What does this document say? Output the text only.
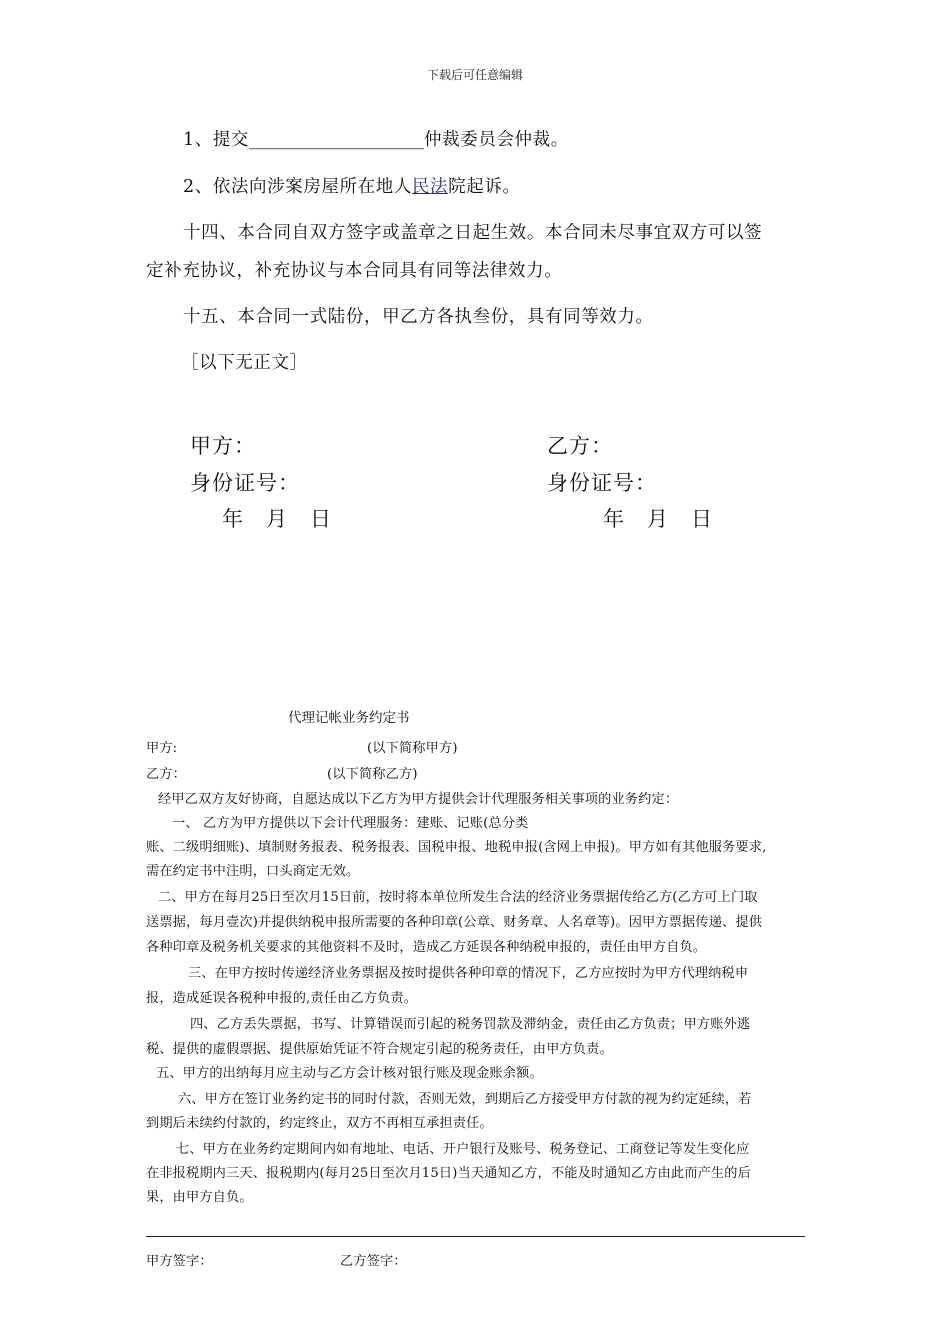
下载后可任意编辑
1、提交____________________仲裁委员会仲裁。
2、依法向涉案房屋所在地人民法院起诉。
十四、本合同自双方签字或盖章之日起生效。本合同未尽事宜双方可以签
定补充协议，补充协议与本合同具有同等法律效力。
十五、本合同一式陆份，甲乙方各执叁份，具有同等效力。
［以下无正文］
甲方：	乙方：
身份证号：	身份证号：
年　月　日	年　月　日
代理记帐业务约定书
甲方:	(以下简称甲方)
乙方：	(以下简称乙方)
经甲乙双方友好协商，自愿达成以下乙方为甲方提供会计代理服务相关事项的业务约定：
一、 乙方为甲方提供以下会计代理服务：建账、记账(总分类
账、二级明细账)、填制财务报表、税务报表、国税申报、地税申报(含网上申报)。甲方如有其他服务要求,
需在约定书中注明，口头商定无效。
二、甲方在每月25日至次月15日前，按时将本单位所发生合法的经济业务票据传给乙方(乙方可上门取
送票据，每月壹次)并提供纳税申报所需要的各种印章(公章、财务章、人名章等)。因甲方票据传递、提供
各种印章及税务机关要求的其他资料不及时，造成乙方延误各种纳税申报的，责任由甲方自负。
三、在甲方按时传递经济业务票据及按时提供各种印章的情况下，乙方应按时为甲方代理纳税申
报，造成延误各税种申报的,责任由乙方负责。
四、乙方丢失票据，书写、计算错误而引起的税务罚款及滞纳金，责任由乙方负责；甲方账外逃
税、提供的虚假票据、提供原始凭证不符合规定引起的税务责任，由甲方负责。
五、甲方的出纳每月应主动与乙方会计核对银行账及现金账余额。
六、甲方在签订业务约定书的同时付款，否则无效，到期后乙方接受甲方付款的视为约定延续，若
到期后未续约付款的，约定终止，双方不再相互承担责任。
七、甲方在业务约定期间内如有地址、电话、开户银行及账号、税务登记、工商登记等发生变化应
在非报税期内三天、报税期内(每月25日至次月15日)当天通知乙方，不能及时通知乙方由此而产生的后
果，由甲方自负。
甲方签字：	乙方签字：
